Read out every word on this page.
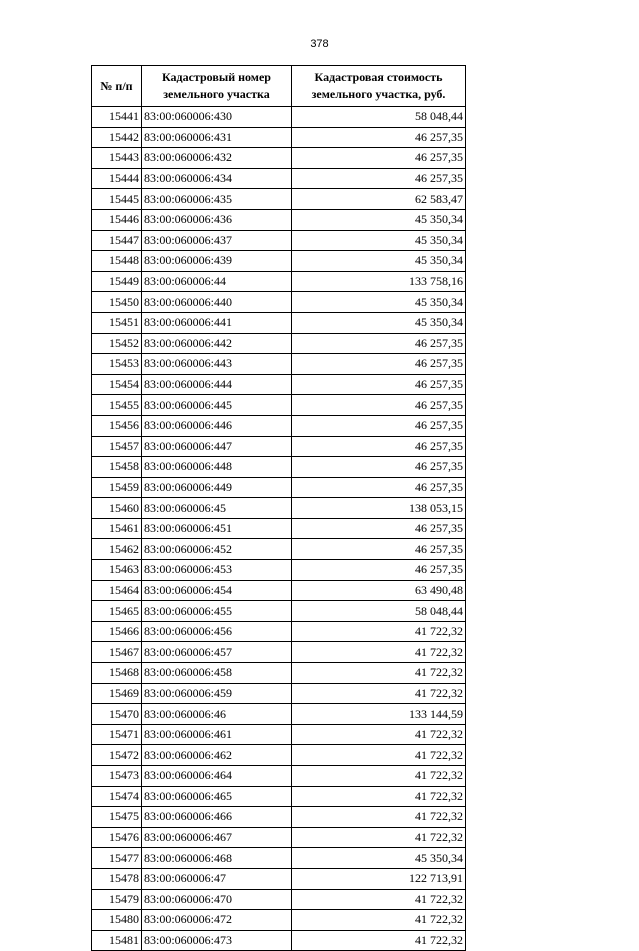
378
№ п/п	Кадастровый номер земельного участка	Кадастровая стоимость земельного участка, руб.
15441	83:00:060006:430	58 048,44
15442	83:00:060006:431	46 257,35
15443	83:00:060006:432	46 257,35
15444	83:00:060006:434	46 257,35
15445	83:00:060006:435	62 583,47
15446	83:00:060006:436	45 350,34
15447	83:00:060006:437	45 350,34
15448	83:00:060006:439	45 350,34
15449	83:00:060006:44	133 758,16
15450	83:00:060006:440	45 350,34
15451	83:00:060006:441	45 350,34
15452	83:00:060006:442	46 257,35
15453	83:00:060006:443	46 257,35
15454	83:00:060006:444	46 257,35
15455	83:00:060006:445	46 257,35
15456	83:00:060006:446	46 257,35
15457	83:00:060006:447	46 257,35
15458	83:00:060006:448	46 257,35
15459	83:00:060006:449	46 257,35
15460	83:00:060006:45	138 053,15
15461	83:00:060006:451	46 257,35
15462	83:00:060006:452	46 257,35
15463	83:00:060006:453	46 257,35
15464	83:00:060006:454	63 490,48
15465	83:00:060006:455	58 048,44
15466	83:00:060006:456	41 722,32
15467	83:00:060006:457	41 722,32
15468	83:00:060006:458	41 722,32
15469	83:00:060006:459	41 722,32
15470	83:00:060006:46	133 144,59
15471	83:00:060006:461	41 722,32
15472	83:00:060006:462	41 722,32
15473	83:00:060006:464	41 722,32
15474	83:00:060006:465	41 722,32
15475	83:00:060006:466	41 722,32
15476	83:00:060006:467	41 722,32
15477	83:00:060006:468	45 350,34
15478	83:00:060006:47	122 713,91
15479	83:00:060006:470	41 722,32
15480	83:00:060006:472	41 722,32
15481	83:00:060006:473	41 722,32
